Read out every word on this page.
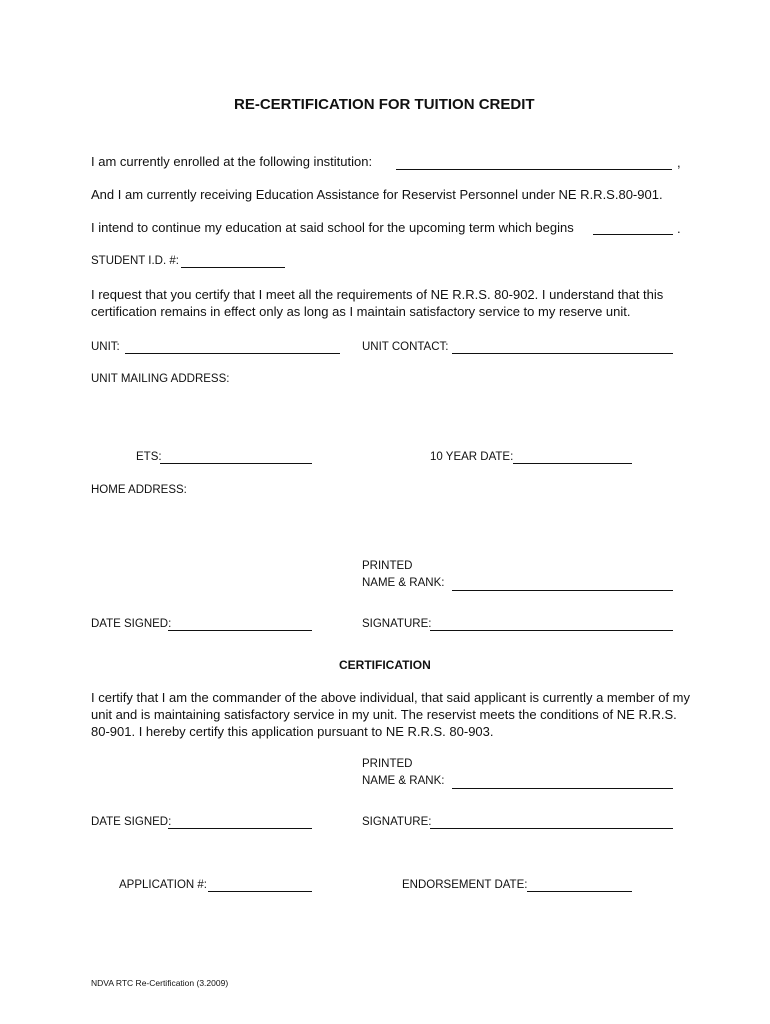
RE-CERTIFICATION FOR TUITION CREDIT
I am currently enrolled at the following institution:	,
And I am currently receiving Education Assistance for Reservist Personnel under NE R.R.S.80-901.
I intend to continue my education at said school for the upcoming term which begins	.
STUDENT I.D. #:
I request that you certify that I meet all the requirements of NE R.R.S. 80-902. I understand that this certification remains in effect only as long as I maintain satisfactory service to my reserve unit.
UNIT:	UNIT CONTACT:
UNIT MAILING ADDRESS:
ETS:	10 YEAR DATE:
HOME ADDRESS:
PRINTED
NAME & RANK:
DATE SIGNED:	SIGNATURE:
CERTIFICATION
I certify that I am the commander of the above individual, that said applicant is currently a member of my unit and is maintaining satisfactory service in my unit. The reservist meets the conditions of NE R.R.S. 80-901. I hereby certify this application pursuant to NE R.R.S. 80-903.
PRINTED
NAME & RANK:
DATE SIGNED:	SIGNATURE:
APPLICATION #:	ENDORSEMENT DATE:
NDVA RTC Re-Certification (3.2009)
